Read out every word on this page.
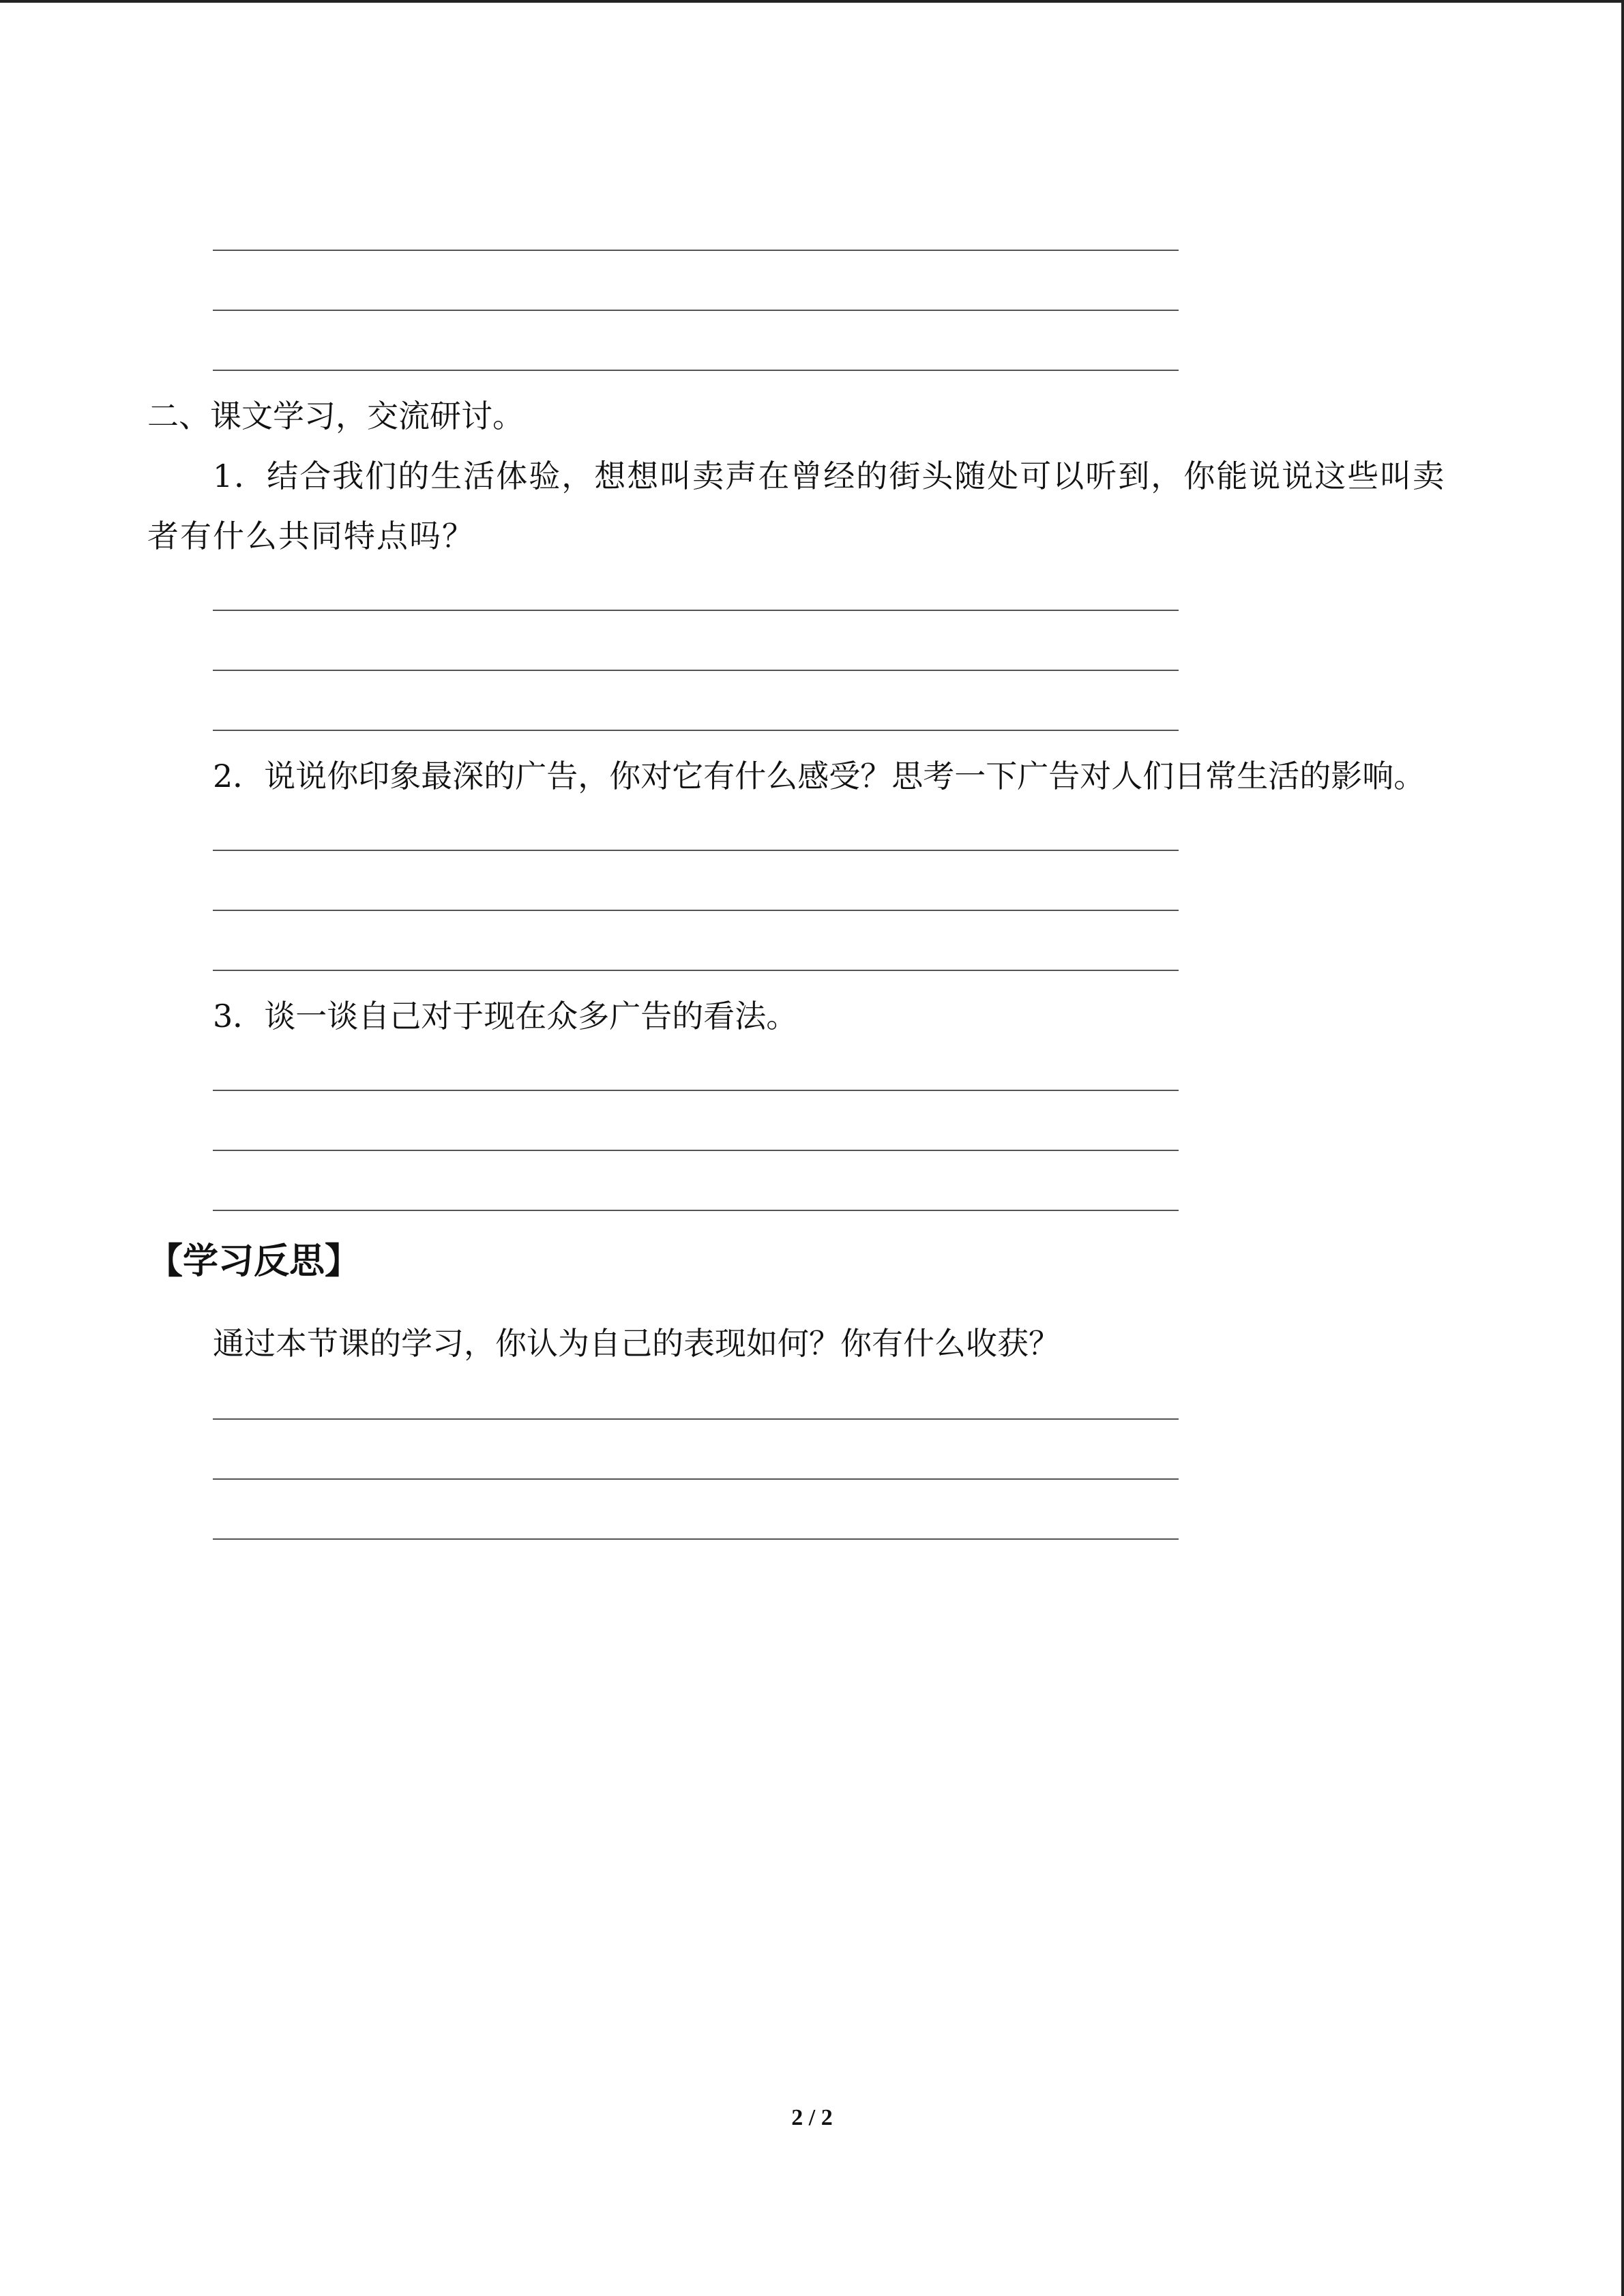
二、课文学习，交流研讨。
1．结合我们的生活体验，想想叫卖声在曾经的街头随处可以听到，你能说说这些叫卖者有什么共同特点吗？
2．说说你印象最深的广告，你对它有什么感受？思考一下广告对人们日常生活的影响。
3．谈一谈自己对于现在众多广告的看法。
【学习反思】
通过本节课的学习，你认为自己的表现如何？你有什么收获？
2 / 2
